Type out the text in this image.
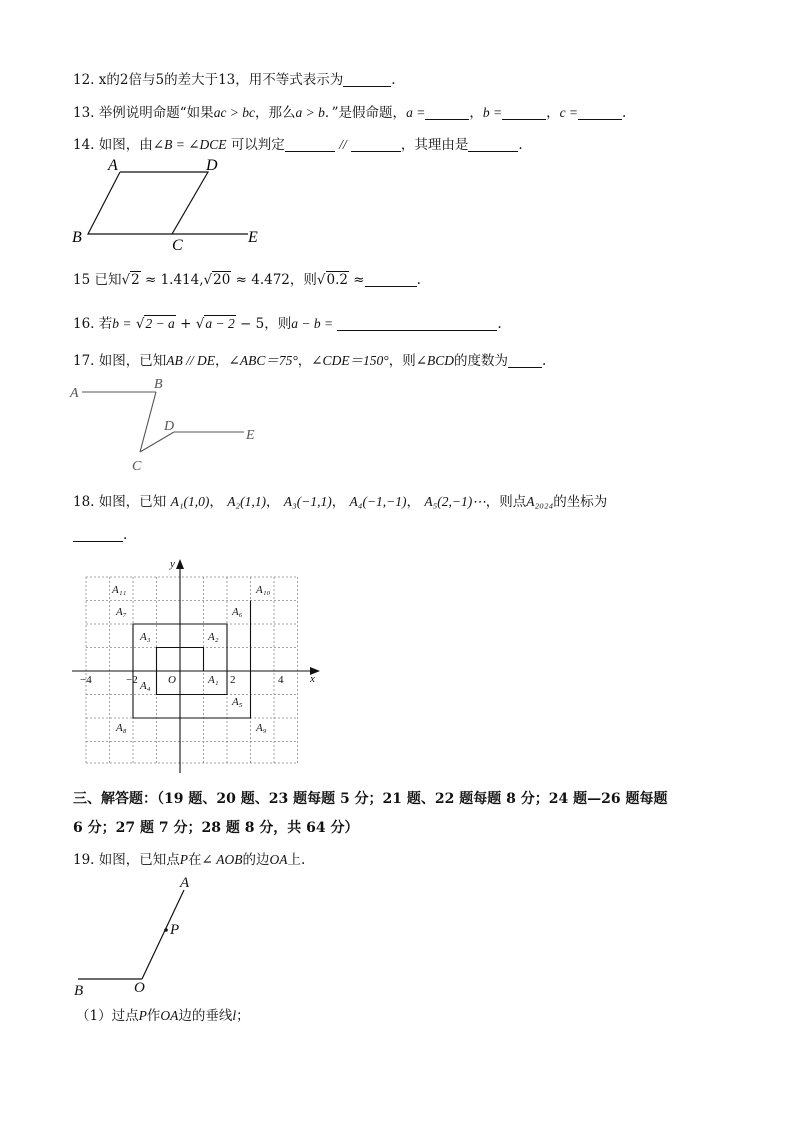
12. x的2倍与5的差大于13，用不等式表示为	.
13. 举例说明命题“如果ac > bc，那么a > b．”是假命题，a =	，b =	，c =	.
14. 如图，由∠B = ∠DCE 可以判定	//	，其理由是	.
A	D
B	C	E
15 已知√2 ≈ 1.414,√20 ≈ 4.472，则√0.2 ≈	.
16. 若b = √2 − a + √a − 2 − 5，则a − b =	.
17. 如图，已知AB // DE，∠ABC＝75°，∠CDE＝150°，则∠BCD的度数为	.
A
B
C
D
E
18. 如图，已知 A₁(1,0)， A₂(1,1)， A₃(−1,1)， A₄(−1,−1)， A₅(2,−1)⋯，则点A₂₀₂₄的坐标为
.
x
y
O
A₁₁	A₁₀
A₇	A₆
A₃	A₂
A₄	A₁
A₅
A₈	A₉
−4	−2	2	4
三、解答题：（19 题、20 题、23 题每题 5 分；21 题、22 题每题 8 分；24 题—26 题每题
6 分；27 题 7 分；28 题 8 分，共 64 分）
19. 如图，已知点P在∠ AOB的边OA上.
A
P
B	O
（1）过点P作OA边的垂线l；
